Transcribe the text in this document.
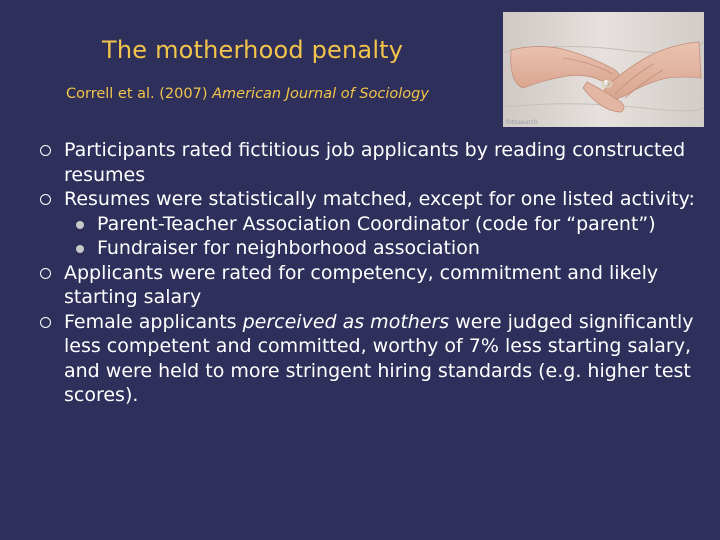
The motherhood penalty
Correll et al. (2007) American Journal of Sociology
fotosearch
Participants rated fictitious job applicants by reading constructed resumes
Resumes were statistically matched, except for one listed activity:
Parent-Teacher Association Coordinator (code for “parent”)
Fundraiser for neighborhood association
Applicants were rated for competency, commitment and likely starting salary
Female applicants perceived as mothers were judged significantly less competent and committed, worthy of 7% less starting salary, and were held to more stringent hiring standards (e.g. higher test scores).
